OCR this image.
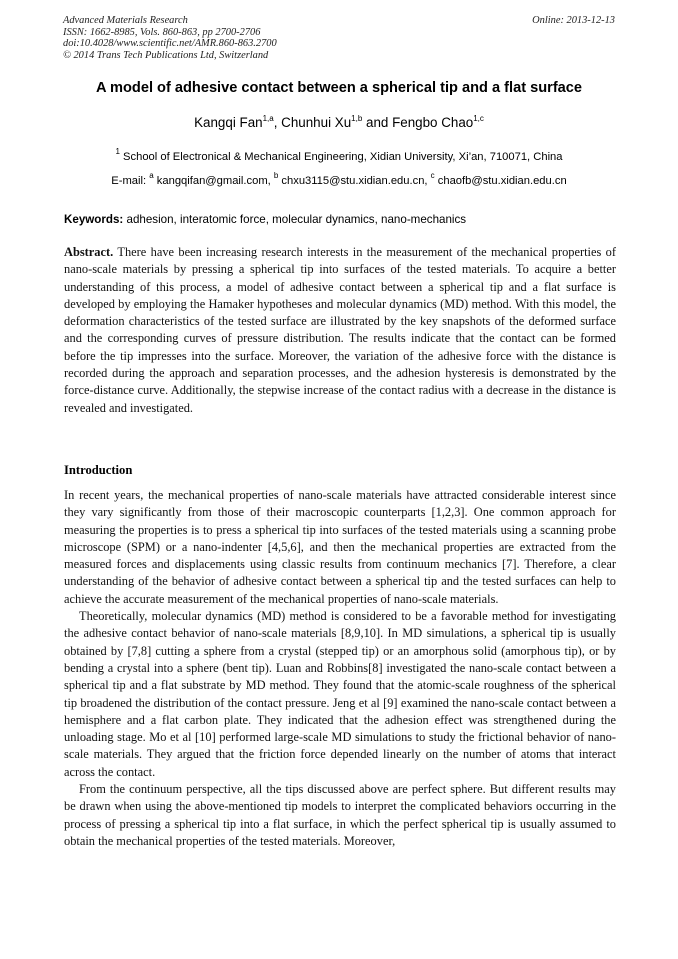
Advanced Materials Research
ISSN: 1662-8985, Vols. 860-863, pp 2700-2706
doi:10.4028/www.scientific.net/AMR.860-863.2700
© 2014 Trans Tech Publications Ltd, Switzerland
Online: 2013-12-13
A model of adhesive contact between a spherical tip and a flat surface
Kangqi Fan$^{1,a}$, Chunhui Xu$^{1,b}$ and Fengbo Chao$^{1,c}$
$^1$ School of Electronical & Mechanical Engineering, Xidian University, Xi’an, 710071, China
E-mail: $^a$ kangqifan@gmail.com, $^b$ chxu3115@stu.xidian.edu.cn, $^c$ chaofb@stu.xidian.edu.cn
Keywords: adhesion, interatomic force, molecular dynamics, nano-mechanics
Abstract. There have been increasing research interests in the measurement of the mechanical properties of nano-scale materials by pressing a spherical tip into surfaces of the tested materials. To acquire a better understanding of this process, a model of adhesive contact between a spherical tip and a flat surface is developed by employing the Hamaker hypotheses and molecular dynamics (MD) method. With this model, the deformation characteristics of the tested surface are illustrated by the key snapshots of the deformed surface and the corresponding curves of pressure distribution. The results indicate that the contact can be formed before the tip impresses into the surface. Moreover, the variation of the adhesive force with the distance is recorded during the approach and separation processes, and the adhesion hysteresis is demonstrated by the force-distance curve. Additionally, the stepwise increase of the contact radius with a decrease in the distance is revealed and investigated.
Introduction

In recent years, the mechanical properties of nano-scale materials have attracted considerable interest since they vary significantly from those of their macroscopic counterparts [1,2,3]. One common approach for measuring the properties is to press a spherical tip into surfaces of the tested materials using a scanning probe microscope (SPM) or a nano-indenter [4,5,6], and then the mechanical properties are extracted from the measured forces and displacements using classic results from continuum mechanics [7]. Therefore, a clear understanding of the behavior of adhesive contact between a spherical tip and the tested surfaces can help to achieve the accurate measurement of the mechanical properties of nano-scale materials.

Theoretically, molecular dynamics (MD) method is considered to be a favorable method for investigating the adhesive contact behavior of nano-scale materials [8,9,10]. In MD simulations, a spherical tip is usually obtained by [7,8] cutting a sphere from a crystal (stepped tip) or an amorphous solid (amorphous tip), or by bending a crystal into a sphere (bent tip). Luan and Robbins[8] investigated the nano-scale contact between a spherical tip and a flat substrate by MD method. They found that the atomic-scale roughness of the spherical tip broadened the distribution of the contact pressure. Jeng et al [9] examined the nano-scale contact between a hemisphere and a flat carbon plate. They indicated that the adhesion effect was strengthened during the unloading stage. Mo et al [10] performed large-scale MD simulations to study the frictional behavior of nano-scale materials. They argued that the friction force depended linearly on the number of atoms that interact across the contact.

From the continuum perspective, all the tips discussed above are perfect sphere. But different results may be drawn when using the above-mentioned tip models to interpret the complicated behaviors occurring in the process of pressing a spherical tip into a flat surface, in which the perfect spherical tip is usually assumed to obtain the mechanical properties of the tested materials. Moreover,
